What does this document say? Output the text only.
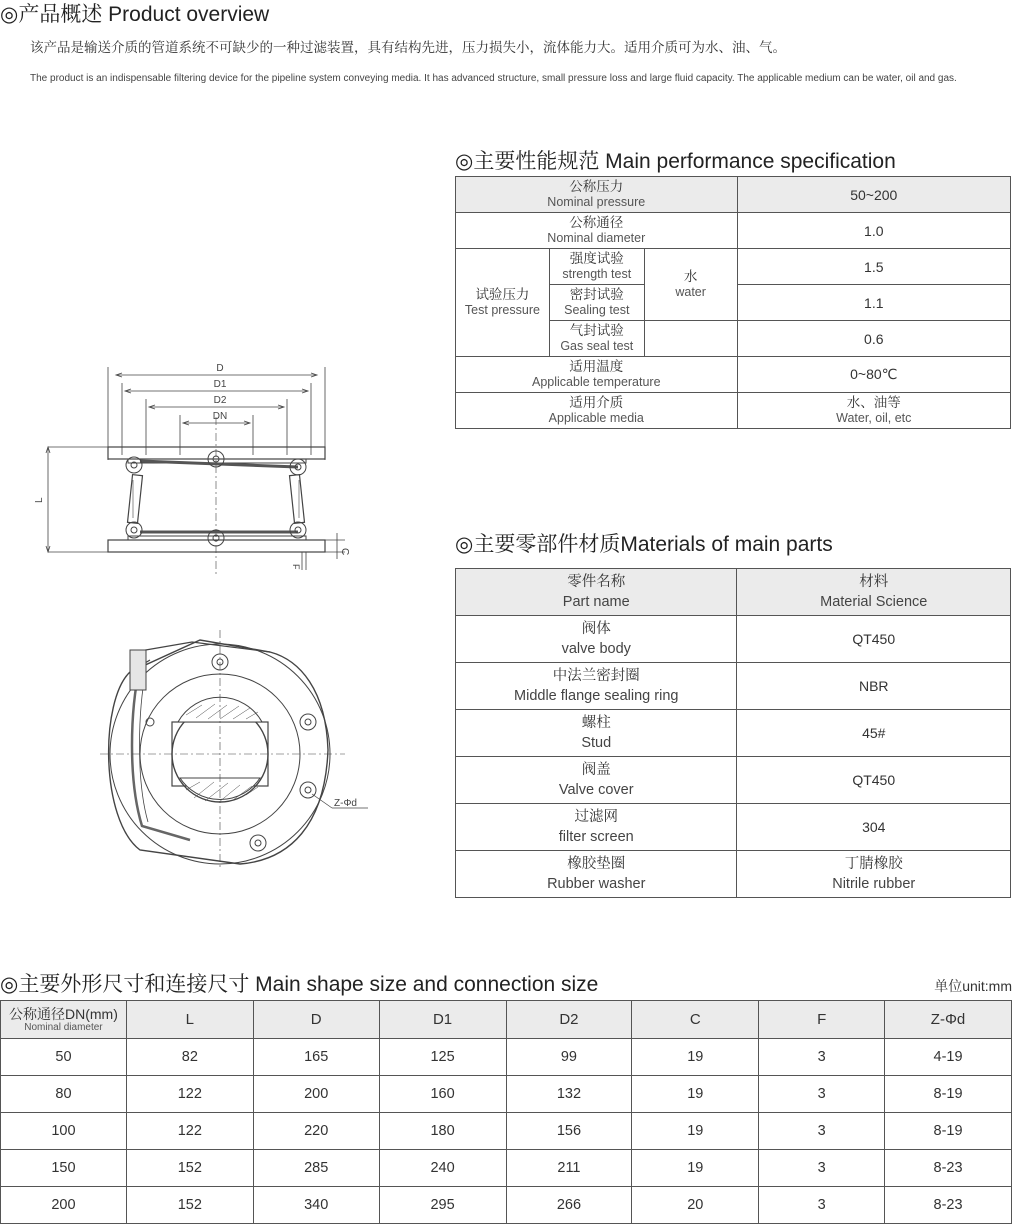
◎产品概述 Product overview
该产品是输送介质的管道系统不可缺少的一种过滤装置，具有结构先进，压力损失小，流体能力大。适用介质可为水、油、气。
The product is an indispensable filtering device for the pipeline system conveying media. It has advanced structure, small pressure loss and large fluid capacity. The applicable medium can be water, oil and gas.
D
D1
D2
DN
L
C
F
Z-Φd
◎主要性能规范 Main performance specification
公称压力
Nominal pressure			50~200

公称通径
Nominal diameter			1.0

试验压力
Test pressure	强度试验
strength test	水
water	1.5

	密封试验
Sealing test		1.1

	气封试验
Gas seal test		0.6

适用温度
Applicable temperature			0~80℃

适用介质
Applicable media			水、油等
Water, oil, etc
◎主要零部件材质Materials of main parts
零件名称
Part name	材料
Material Science

阀体
valve body	QT450

中法兰密封圈
Middle flange sealing ring	NBR

螺柱
Stud	45#

阀盖
Valve cover	QT450

过滤网
filter screen	304

橡胶垫圈
Rubber washer	丁腈橡胶
Nitrile rubber
◎主要外形尺寸和连接尺寸 Main shape size and connection size	单位unit:mm
公称通径DN(mm)
Nominal diameter	L	D	D1	D2	C	F	Z-Φd
50	82	165	125	99	19	3	4-19
80	122	200	160	132	19	3	8-19
100	122	220	180	156	19	3	8-19
150	152	285	240	211	19	3	8-23
200	152	340	295	266	20	3	8-23
